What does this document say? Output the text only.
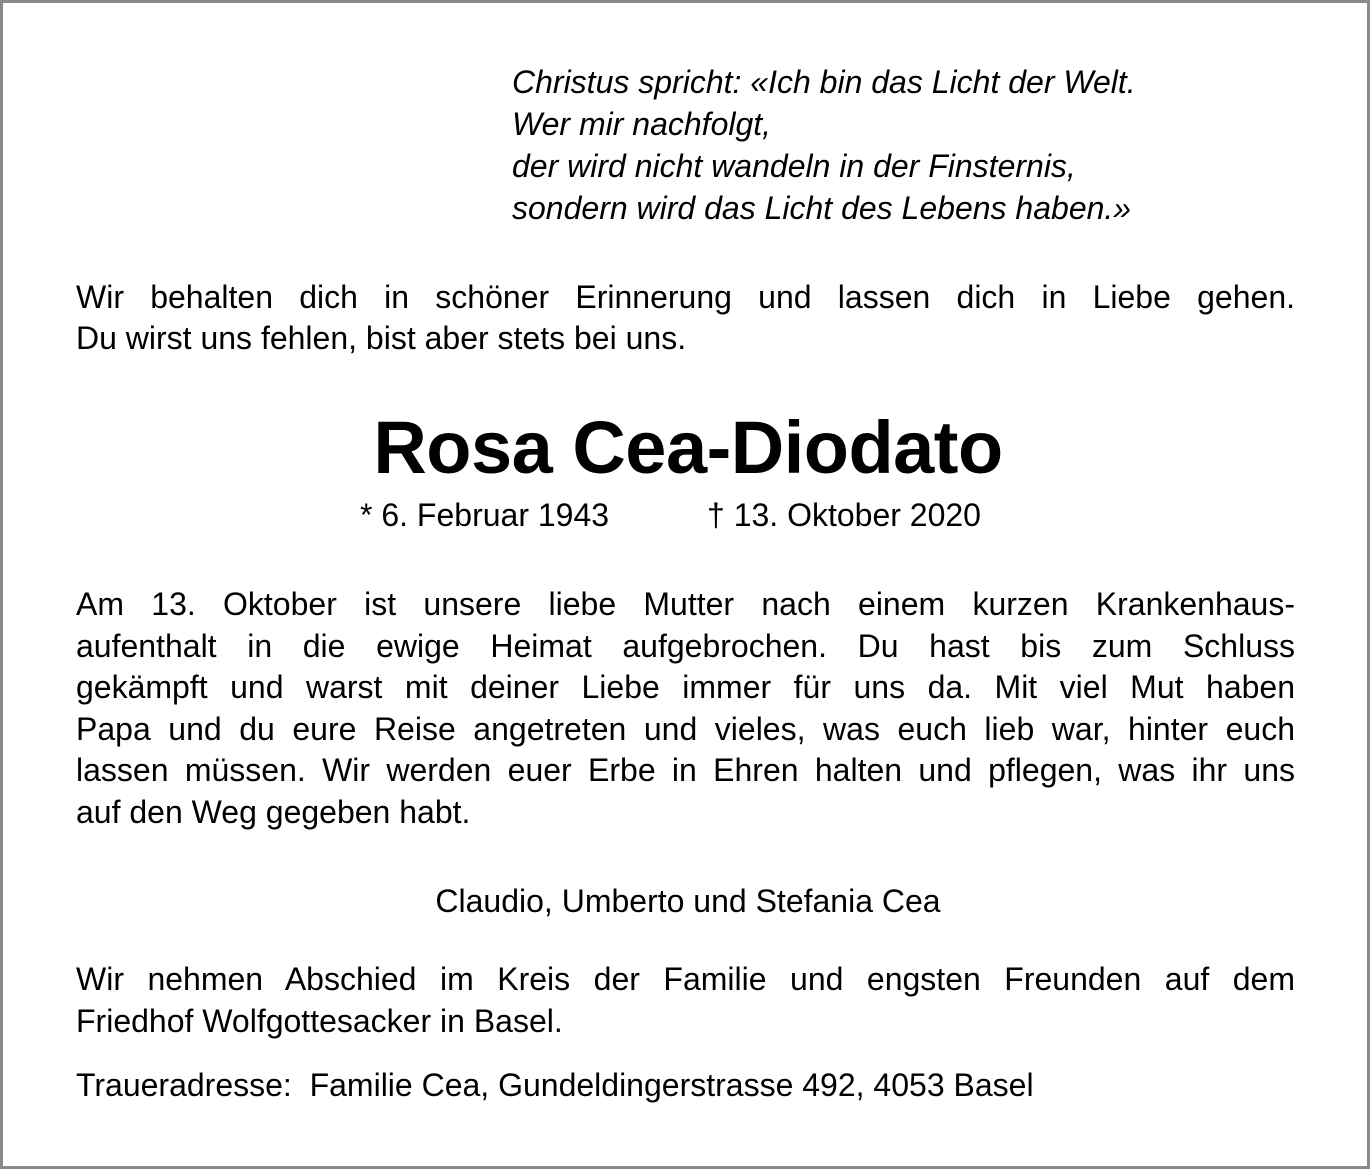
Christus spricht: «Ich bin das Licht der Welt.
Wer mir nachfolgt,
der wird nicht wandeln in der Finsternis,
sondern wird das Licht des Lebens haben.»
Wir behalten dich in schöner Erinnerung und lassen dich in Liebe gehen.
Du wirst uns fehlen, bist aber stets bei uns.
Rosa Cea-Diodato
* 6. Februar 1943	† 13. Oktober 2020
Am 13. Oktober ist unsere liebe Mutter nach einem kurzen Krankenhaus-
aufenthalt in die ewige Heimat aufgebrochen. Du hast bis zum Schluss
gekämpft und warst mit deiner Liebe immer für uns da. Mit viel Mut haben
Papa und du eure Reise angetreten und vieles, was euch lieb war, hinter euch
lassen müssen. Wir werden euer Erbe in Ehren halten und pflegen, was ihr uns
auf den Weg gegeben habt.
Claudio, Umberto und Stefania Cea
Wir nehmen Abschied im Kreis der Familie und engsten Freunden auf dem
Friedhof Wolfgottesacker in Basel.
Traueradresse: Familie Cea, Gundeldingerstrasse 492, 4053 Basel
